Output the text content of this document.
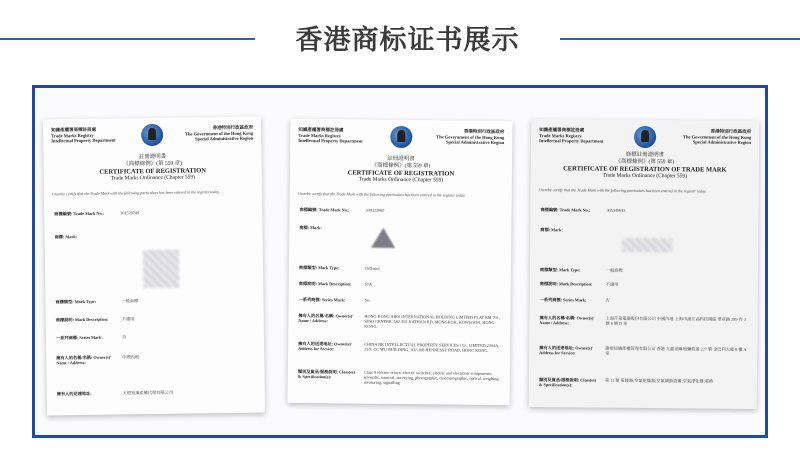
香港商标证书展示
知識產權署商標註冊處
Trade Marks Registry
Intellectual Property Department
香港特別行政區政府
The Government of the Hong Kong
Special Administrative Region
註冊證明書
《商標條例》(第 559 章)
CERTIFICATE OF REGISTRATION
Trade Marks Ordinance (Chapter 559)
I hereby certify that the Trade Mark with the following particulars has been entered in the register today.
商標編號: Trade Mark No.:	301579749
商標: Mark:
商標類型: Mark Type:	一般商標
商標說明: Mark Description:	不適用
一系列商標: Series Mark:	否
擁有人的名稱/名稱: Owner(s)' Name / Address:
中國內地
擁有人的送達地址:	天燈知識產權代理有限公司
知識產權署商標註冊處
Trade Marks Registry
Intellectual Property Department
香港特別行政區政府
The Government of the Hong Kong
Special Administrative Region
註冊證明書
《商標條例》(第 559 章)
CERTIFICATE OF REGISTRATION
Trade Marks Ordinance (Chapter 559)
I hereby certify that the Trade Mark with the following particulars has been entered in the register today.
商標編號: Trade Mark No.:	300323060
商標: Mark:
商標類型: Mark Type:	Ordinary
商標說明: Mark Description:	N/A
一系列商標: Series Mark:	No
擁有人的名稱/名稱: Owner(s)' Name / Address:
HONG KONG AIKS INTERNATIONAL HOLDING LIMITED FLAT RM 701, SINO CENTRE, 582-592 NATHAN RD, MONGKOK, KOWLOON, HONG KONG.
擁有人的送達地址: Owner(s)' Address for Service:
CHINA IIK INTELLECTUAL PROPERTY SERVICES CO., LIMITED 2304A, 23/F, CC WU BUILDING, 302-308 HENNESSY ROAD, HONG KONG.
類別及貨品/服務說明: Class(es) & Specification(s):
Class 9 electric relays; electric switches; electric and electronic components; scientific, nautical, surveying, photographic, cinematographic, optical, weighing, measuring, signalling
知識產權署商標註冊處
Trade Marks Registry
Intellectual Property Department
香港特別行政區政府
The Government of the Hong Kong
Special Administrative Region
商標註冊證明書
《商標條例》(第 559 章)
CERTIFICATE OF REGISTRATION OF TRADE MARK
Trade Marks Ordinance (Chapter 559)
I hereby certify that the Trade Mark with the following particulars has been entered in the register today.
商標編號: Trade Mark No.:	305345653
商標: Mark:
商標類型: Mark Type:	一般商標
商標說明: Mark Description:	不適用
一系列商標: Series Mark:	否
擁有人的名稱/名稱: Owner(s)' Name / Address:
上海芹菜電器股份有限公司 中國內地 上海市浦江高科技園區 華帝路 289 弄 3 號 6 層 D 室
擁有人的送達地址: Owner(s)' Address for Service:
謝群知識產權管理有限公司 香港 九龍油麻地彌敦道 227 號 金巴利大廈 8 樓 A 室
類別及貨品/服務說明: Class(es) & Specification(s):
第 11 類 電暖器;空氣乾燥器;空氣調節設備;空氣淨化器;電熱
